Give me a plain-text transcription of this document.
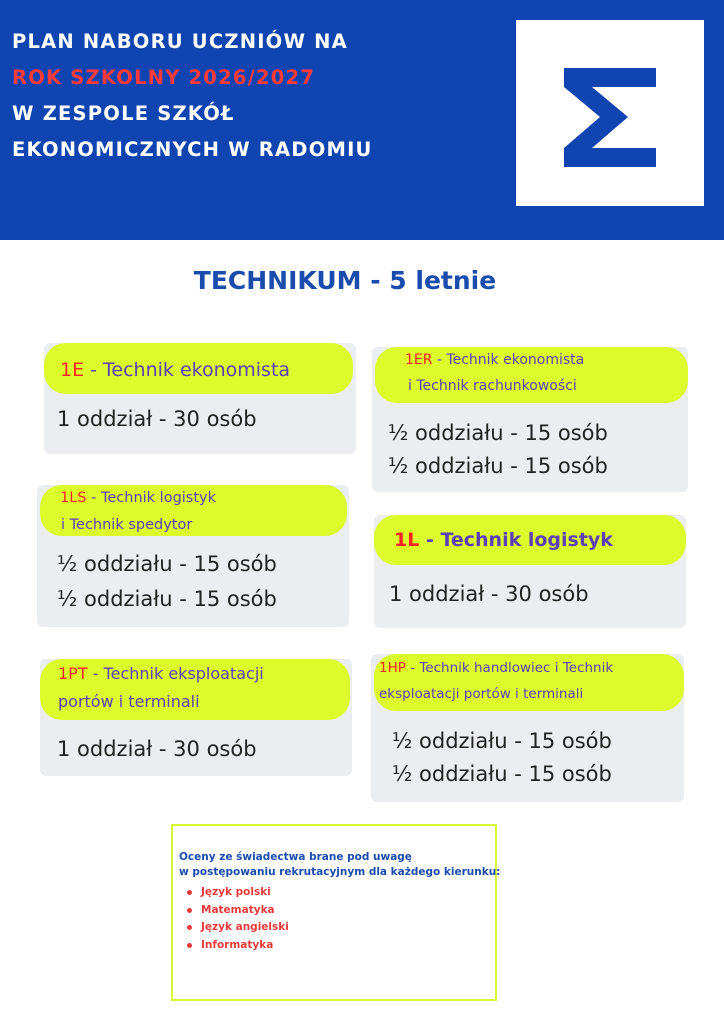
PLAN NABORU UCZNIÓW NA
ROK SZKOLNY 2026/2027
W ZESPOLE SZKÓŁ
EKONOMICZNYCH W RADOMIU
TECHNIKUM - 5 letnie
1E - Technik ekonomista
1 oddział - 30 osób
1ER - Technik ekonomista
i Technik rachunkowości
½ oddziału - 15 osób
½ oddziału - 15 osób
1LS - Technik logistyk
i Technik spedytor
½ oddziału - 15 osób
½ oddziału - 15 osób
1L - Technik logistyk
1 oddział - 30 osób
1PT - Technik eksploatacji
portów i terminali
1 oddział - 30 osób
1HP - Technik handlowiec i Technik
eksploatacji portów i terminali
½ oddziału - 15 osób
½ oddziału - 15 osób
Oceny ze świadectwa brane pod uwagę
w postępowaniu rekrutacyjnym dla każdego kierunku:
Język polski
Matematyka
Język angielski
Informatyka
